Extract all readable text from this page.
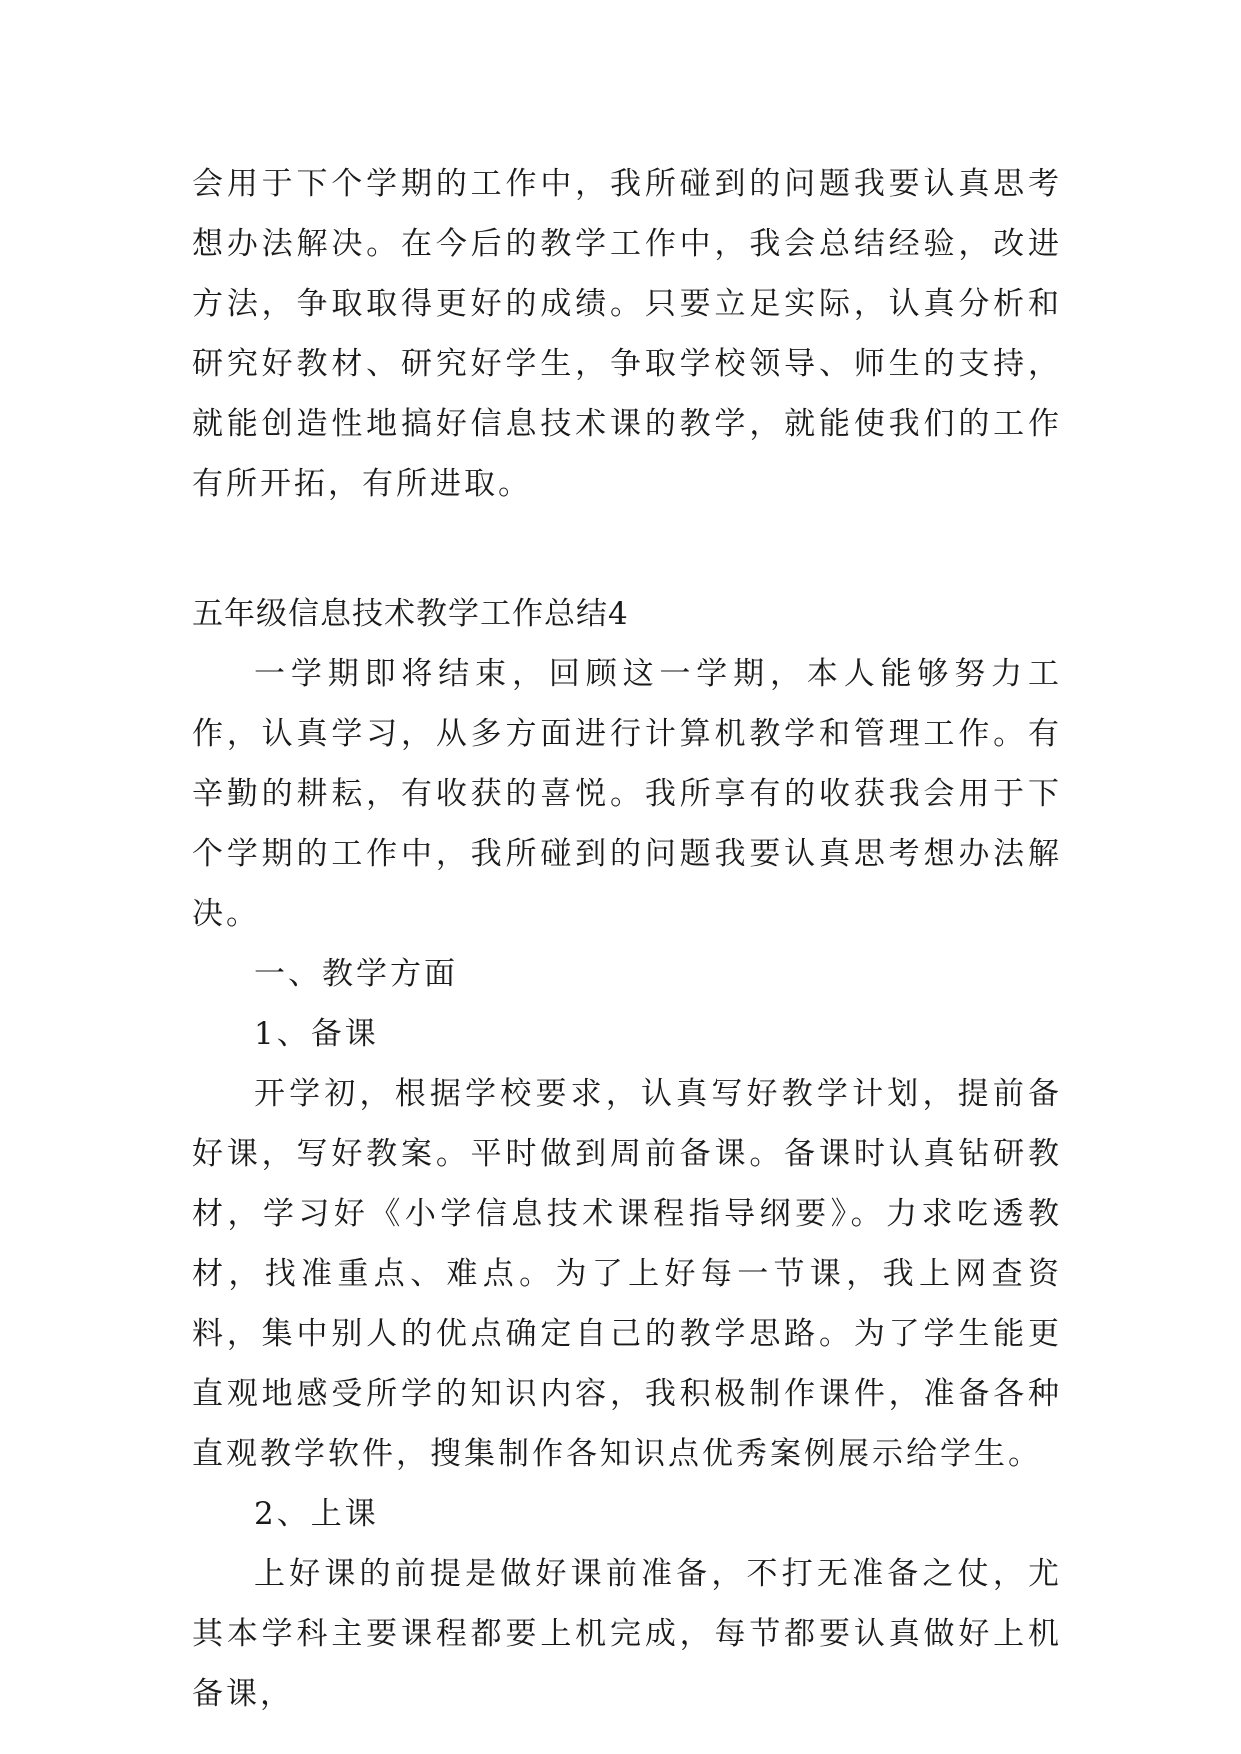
会用于下个学期的工作中，我所碰到的问题我要认真思考想办法解决。在今后的教学工作中，我会总结经验，改进方法，争取取得更好的成绩。只要立足实际，认真分析和研究好教材、研究好学生，争取学校领导、师生的支持，就能创造性地搞好信息技术课的教学，就能使我们的工作有所开拓，有所进取。

五年级信息技术教学工作总结4

一学期即将结束，回顾这一学期，本人能够努力工作，认真学习，从多方面进行计算机教学和管理工作。有辛勤的耕耘，有收获的喜悦。我所享有的收获我会用于下个学期的工作中，我所碰到的问题我要认真思考想办法解决。

一、教学方面

1、备课

开学初，根据学校要求，认真写好教学计划，提前备好课，写好教案。平时做到周前备课。备课时认真钻研教材，学习好《小学信息技术课程指导纲要》。力求吃透教材，找准重点、难点。为了上好每一节课，我上网查资料，集中别人的优点确定自己的教学思路。为了学生能更直观地感受所学的知识内容，我积极制作课件，准备各种直观教学软件，搜集制作各知识点优秀案例展示给学生。

2、上课

上好课的前提是做好课前准备，不打无准备之仗，尤其本学科主要课程都要上机完成，每节都要认真做好上机备课，
